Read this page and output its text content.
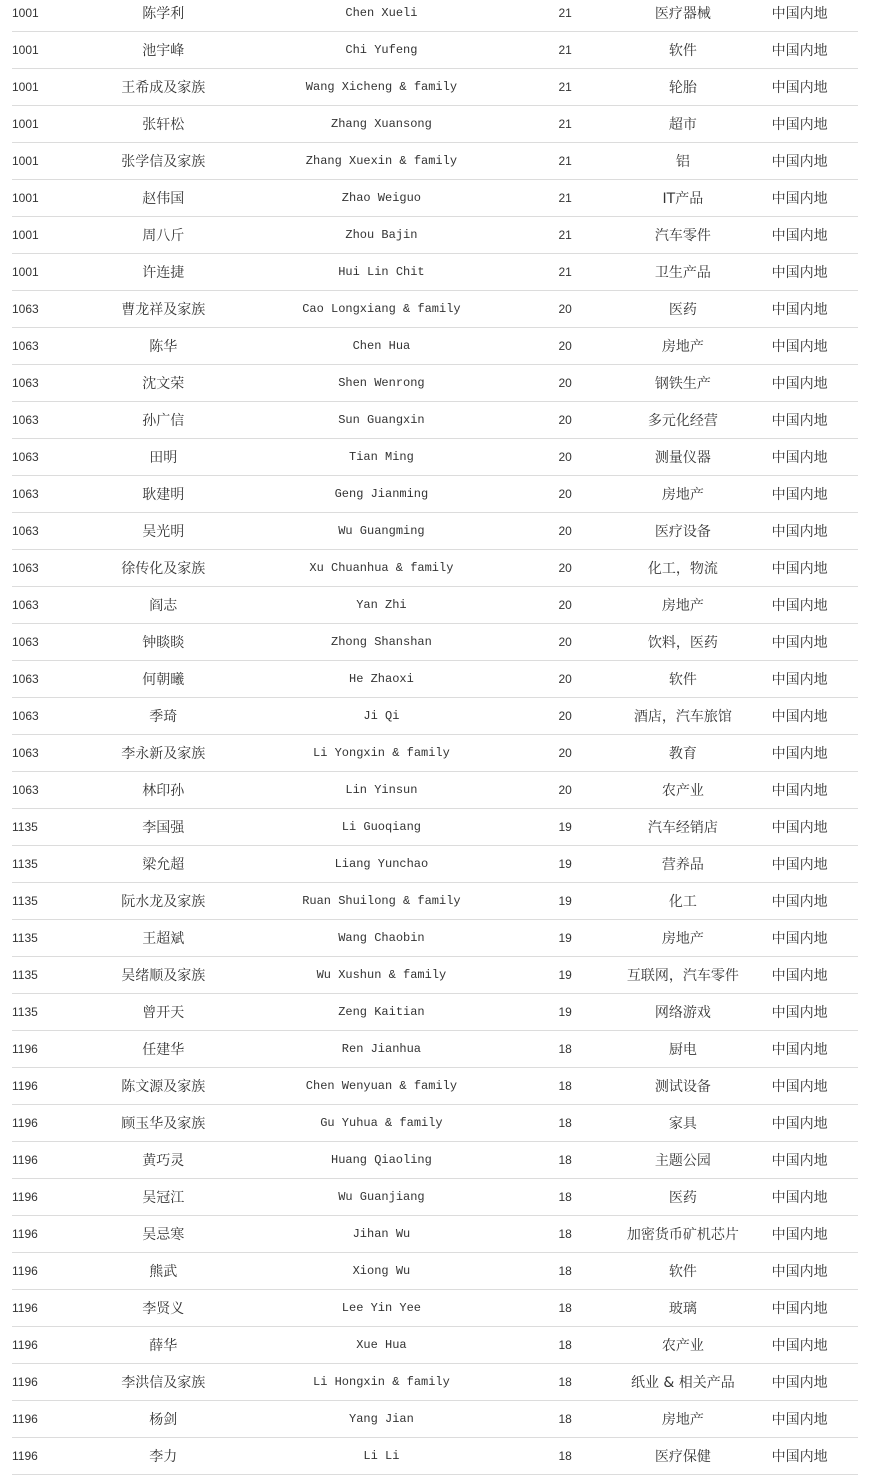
1001	陈学利	Chen Xueli	21	医疗器械	中国内地
1001	池宇峰	Chi Yufeng	21	软件	中国内地
1001	王希成及家族	Wang Xicheng & family	21	轮胎	中国内地
1001	张轩松	Zhang Xuansong	21	超市	中国内地
1001	张学信及家族	Zhang Xuexin & family	21	铝	中国内地
1001	赵伟国	Zhao Weiguo	21	IT产品	中国内地
1001	周八斤	Zhou Bajin	21	汽车零件	中国内地
1001	许连捷	Hui Lin Chit	21	卫生产品	中国内地
1063	曹龙祥及家族	Cao Longxiang & family	20	医药	中国内地
1063	陈华	Chen Hua	20	房地产	中国内地
1063	沈文荣	Shen Wenrong	20	钢铁生产	中国内地
1063	孙广信	Sun Guangxin	20	多元化经营	中国内地
1063	田明	Tian Ming	20	测量仪器	中国内地
1063	耿建明	Geng Jianming	20	房地产	中国内地
1063	吴光明	Wu Guangming	20	医疗设备	中国内地
1063	徐传化及家族	Xu Chuanhua & family	20	化工，物流	中国内地
1063	阎志	Yan Zhi	20	房地产	中国内地
1063	钟睒睒	Zhong Shanshan	20	饮料，医药	中国内地
1063	何朝曦	He Zhaoxi	20	软件	中国内地
1063	季琦	Ji Qi	20	酒店，汽车旅馆	中国内地
1063	李永新及家族	Li Yongxin & family	20	教育	中国内地
1063	林印孙	Lin Yinsun	20	农产业	中国内地
1135	李国强	Li Guoqiang	19	汽车经销店	中国内地
1135	梁允超	Liang Yunchao	19	营养品	中国内地
1135	阮水龙及家族	Ruan Shuilong & family	19	化工	中国内地
1135	王超斌	Wang Chaobin	19	房地产	中国内地
1135	吴绪顺及家族	Wu Xushun & family	19	互联网，汽车零件	中国内地
1135	曾开天	Zeng Kaitian	19	网络游戏	中国内地
1196	任建华	Ren Jianhua	18	厨电	中国内地
1196	陈文源及家族	Chen Wenyuan & family	18	测试设备	中国内地
1196	顾玉华及家族	Gu Yuhua & family	18	家具	中国内地
1196	黄巧灵	Huang Qiaoling	18	主题公园	中国内地
1196	吴冠江	Wu Guanjiang	18	医药	中国内地
1196	吴忌寒	Jihan Wu	18	加密货币矿机芯片	中国内地
1196	熊武	Xiong Wu	18	软件	中国内地
1196	李贤义	Lee Yin Yee	18	玻璃	中国内地
1196	薛华	Xue Hua	18	农产业	中国内地
1196	李洪信及家族	Li Hongxin & family	18	纸业 & 相关产品	中国内地
1196	杨剑	Yang Jian	18	房地产	中国内地
1196	李力	Li Li	18	医疗保健	中国内地
